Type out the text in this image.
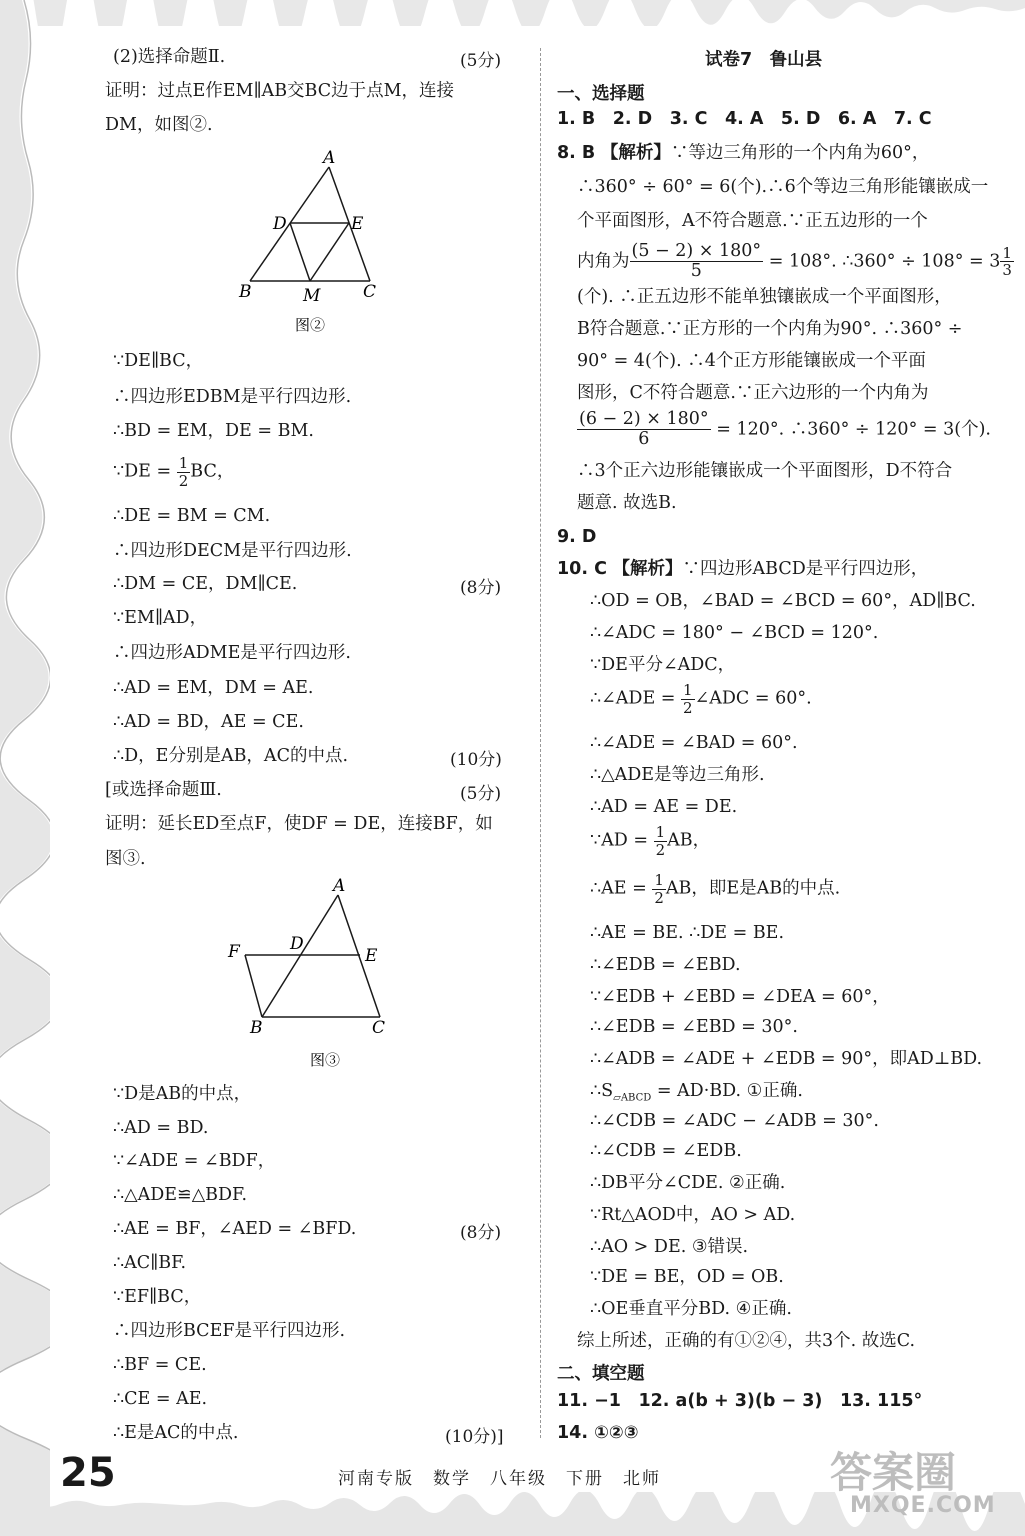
(2)选择命题Ⅱ.	(5分)
证明：过点E作EM∥AB交BC边于点M，连接
DM，如图②.
A
B	C
D	E
M
图②
∵DE∥BC，
∴四边形EDBM是平行四边形.
∴BD = EM，DE = BM.
∵DE = $\frac{1}{2}$ BC，
∴DE = BM = CM.
∴四边形DECM是平行四边形.
∴DM = CE，DM∥CE.	(8分)
∵EM∥AD，
∴四边形ADME是平行四边形.
∴AD = EM，DM = AE.
∴AD = BD，AE = CE.
∴D，E分别是AB，AC的中点.	(10分)
[或选择命题Ⅲ.	(5分)
证明：延长ED至点F，使DF = DE，连接BF，如
图③.
A
B	C
D
E
F
图③
∵D是AB的中点，
∴AD = BD.
∵∠ADE = ∠BDF，
∴△ADE≌△BDF.
∴AE = BF，∠AED = ∠BFD.	(8分)
∴AC∥BF.
∵EF∥BC，
∴四边形BCEF是平行四边形.
∴BF = CE.
∴CE = AE.
∴E是AC的中点.	(10分)]
试卷7　鲁山县
一、选择题
1. B　2. D　3. C　4. A　5. D　6. A　7. C
8. B 【解析】∵等边三角形的一个内角为60°，
∴360° ÷ 60° = 6(个).∴6个等边三角形能镶嵌成一
个平面图形，A不符合题意.∵正五边形的一个
内角为 $\frac{(5 - 2) \times 180^\circ}{5} = 108^\circ$. ∴360° ÷ $108^\circ = 3 \frac{1}{3}$
(个). ∴正五边形不能单独镶嵌成一个平面图形，
B符合题意.∵正方形的一个内角为90°. ∴360° ÷
90° = 4(个). ∴4个正方形能镶嵌成一个平面
图形，C不符合题意.∵正六边形的一个内角为
$\frac{(6 - 2) \times 180^\circ}{6} = 120^\circ$. ∴360° ÷ 120° = 3(个).
∴3个正六边形能镶嵌成一个平面图形，D不符合
题意. 故选B.
9. D
10. C 【解析】∵四边形ABCD是平行四边形，
∴OD = OB，∠BAD = ∠BCD = 60°，AD∥BC.
∴∠ADC = 180° − ∠BCD = 120°.
∵DE平分∠ADC，
∴∠ADE = $\frac{1}{2}$ ∠ADC = 60°.
∴∠ADE = ∠BAD = 60°.
∴△ADE是等边三角形.
∴AD = AE = DE.
∵AD = $\frac{1}{2}$ AB，
∴AE = $\frac{1}{2}$ AB，即E是AB的中点.
∴AE = BE. ∴DE = BE.
∴∠EDB = ∠EBD.
∵∠EDB + ∠EBD = ∠DEA = 60°，
∴∠EDB = ∠EBD = 30°.
∴∠ADB = ∠ADE + ∠EDB = 90°，即AD⊥BD.
$\therefore S_{▱ABCD} = AD\cdot BD$. ①正确.
∴∠CDB = ∠ADC − ∠ADB = 30°.
∴∠CDB = ∠EDB.
∴DB平分∠CDE. ②正确.
∵Rt△AOD中，AO > AD.
∴AO > DE. ③错误.
∵DE = BE，OD = OB.
∴OE垂直平分BD. ④正确.
综上所述，正确的有①②④，共3个. 故选C.
二、填空题
11. −1　 12. a(b + 3)(b − 3)　 13. 115°
14. ①②③
25	河南专版　数学　八年级　下册　北师	答案圈
MXQE.COM
